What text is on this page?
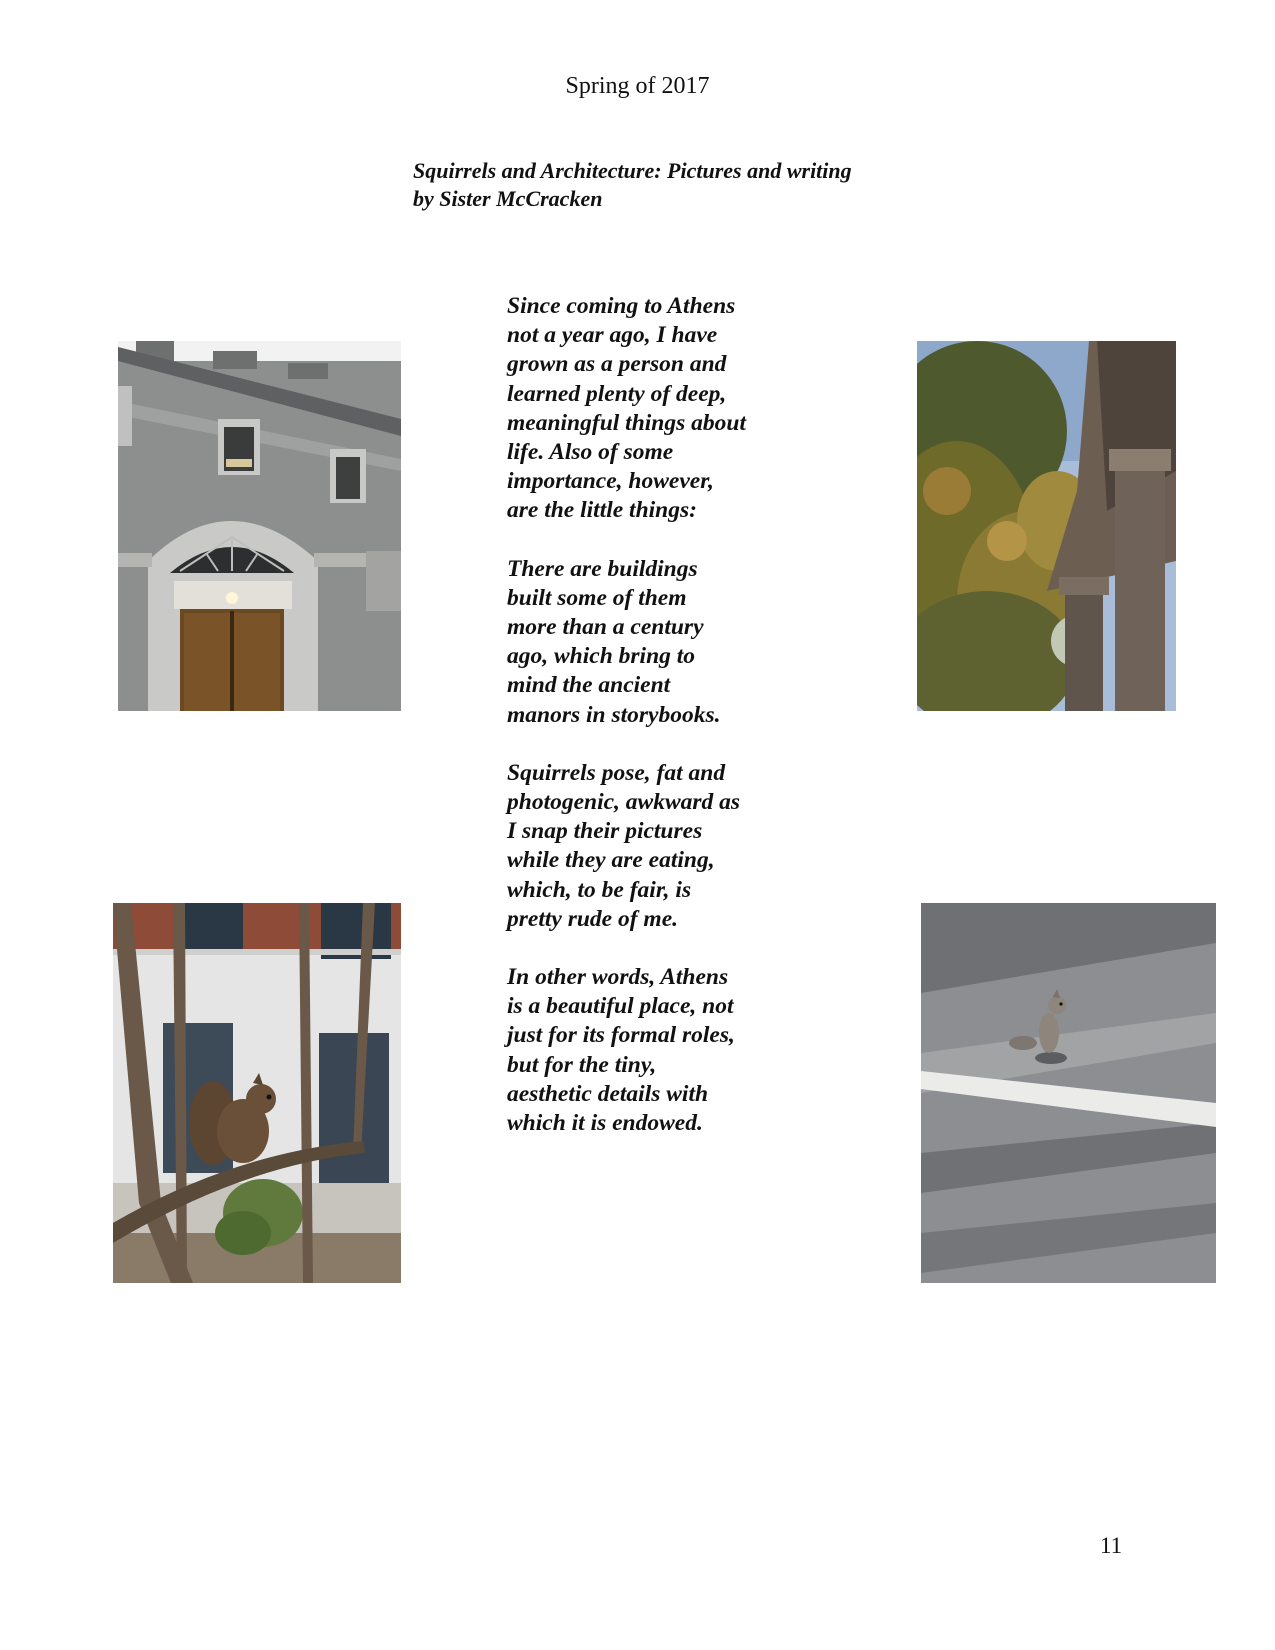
Spring of 2017
Squirrels and Architecture: Pictures and writing
by Sister McCracken
Since coming to Athens
not a year ago, I have
grown as a person and
learned plenty of deep,
meaningful things about
life. Also of some
importance, however,
are the little things:
There are buildings
built some of them
more than a century
ago, which bring to
mind the ancient
manors in storybooks.
Squirrels pose, fat and
photogenic, awkward as
I snap their pictures
while they are eating,
which, to be fair, is
pretty rude of me.
In other words, Athens
is a beautiful place, not
just for its formal roles,
but for the tiny,
aesthetic details with
which it is endowed.
11
